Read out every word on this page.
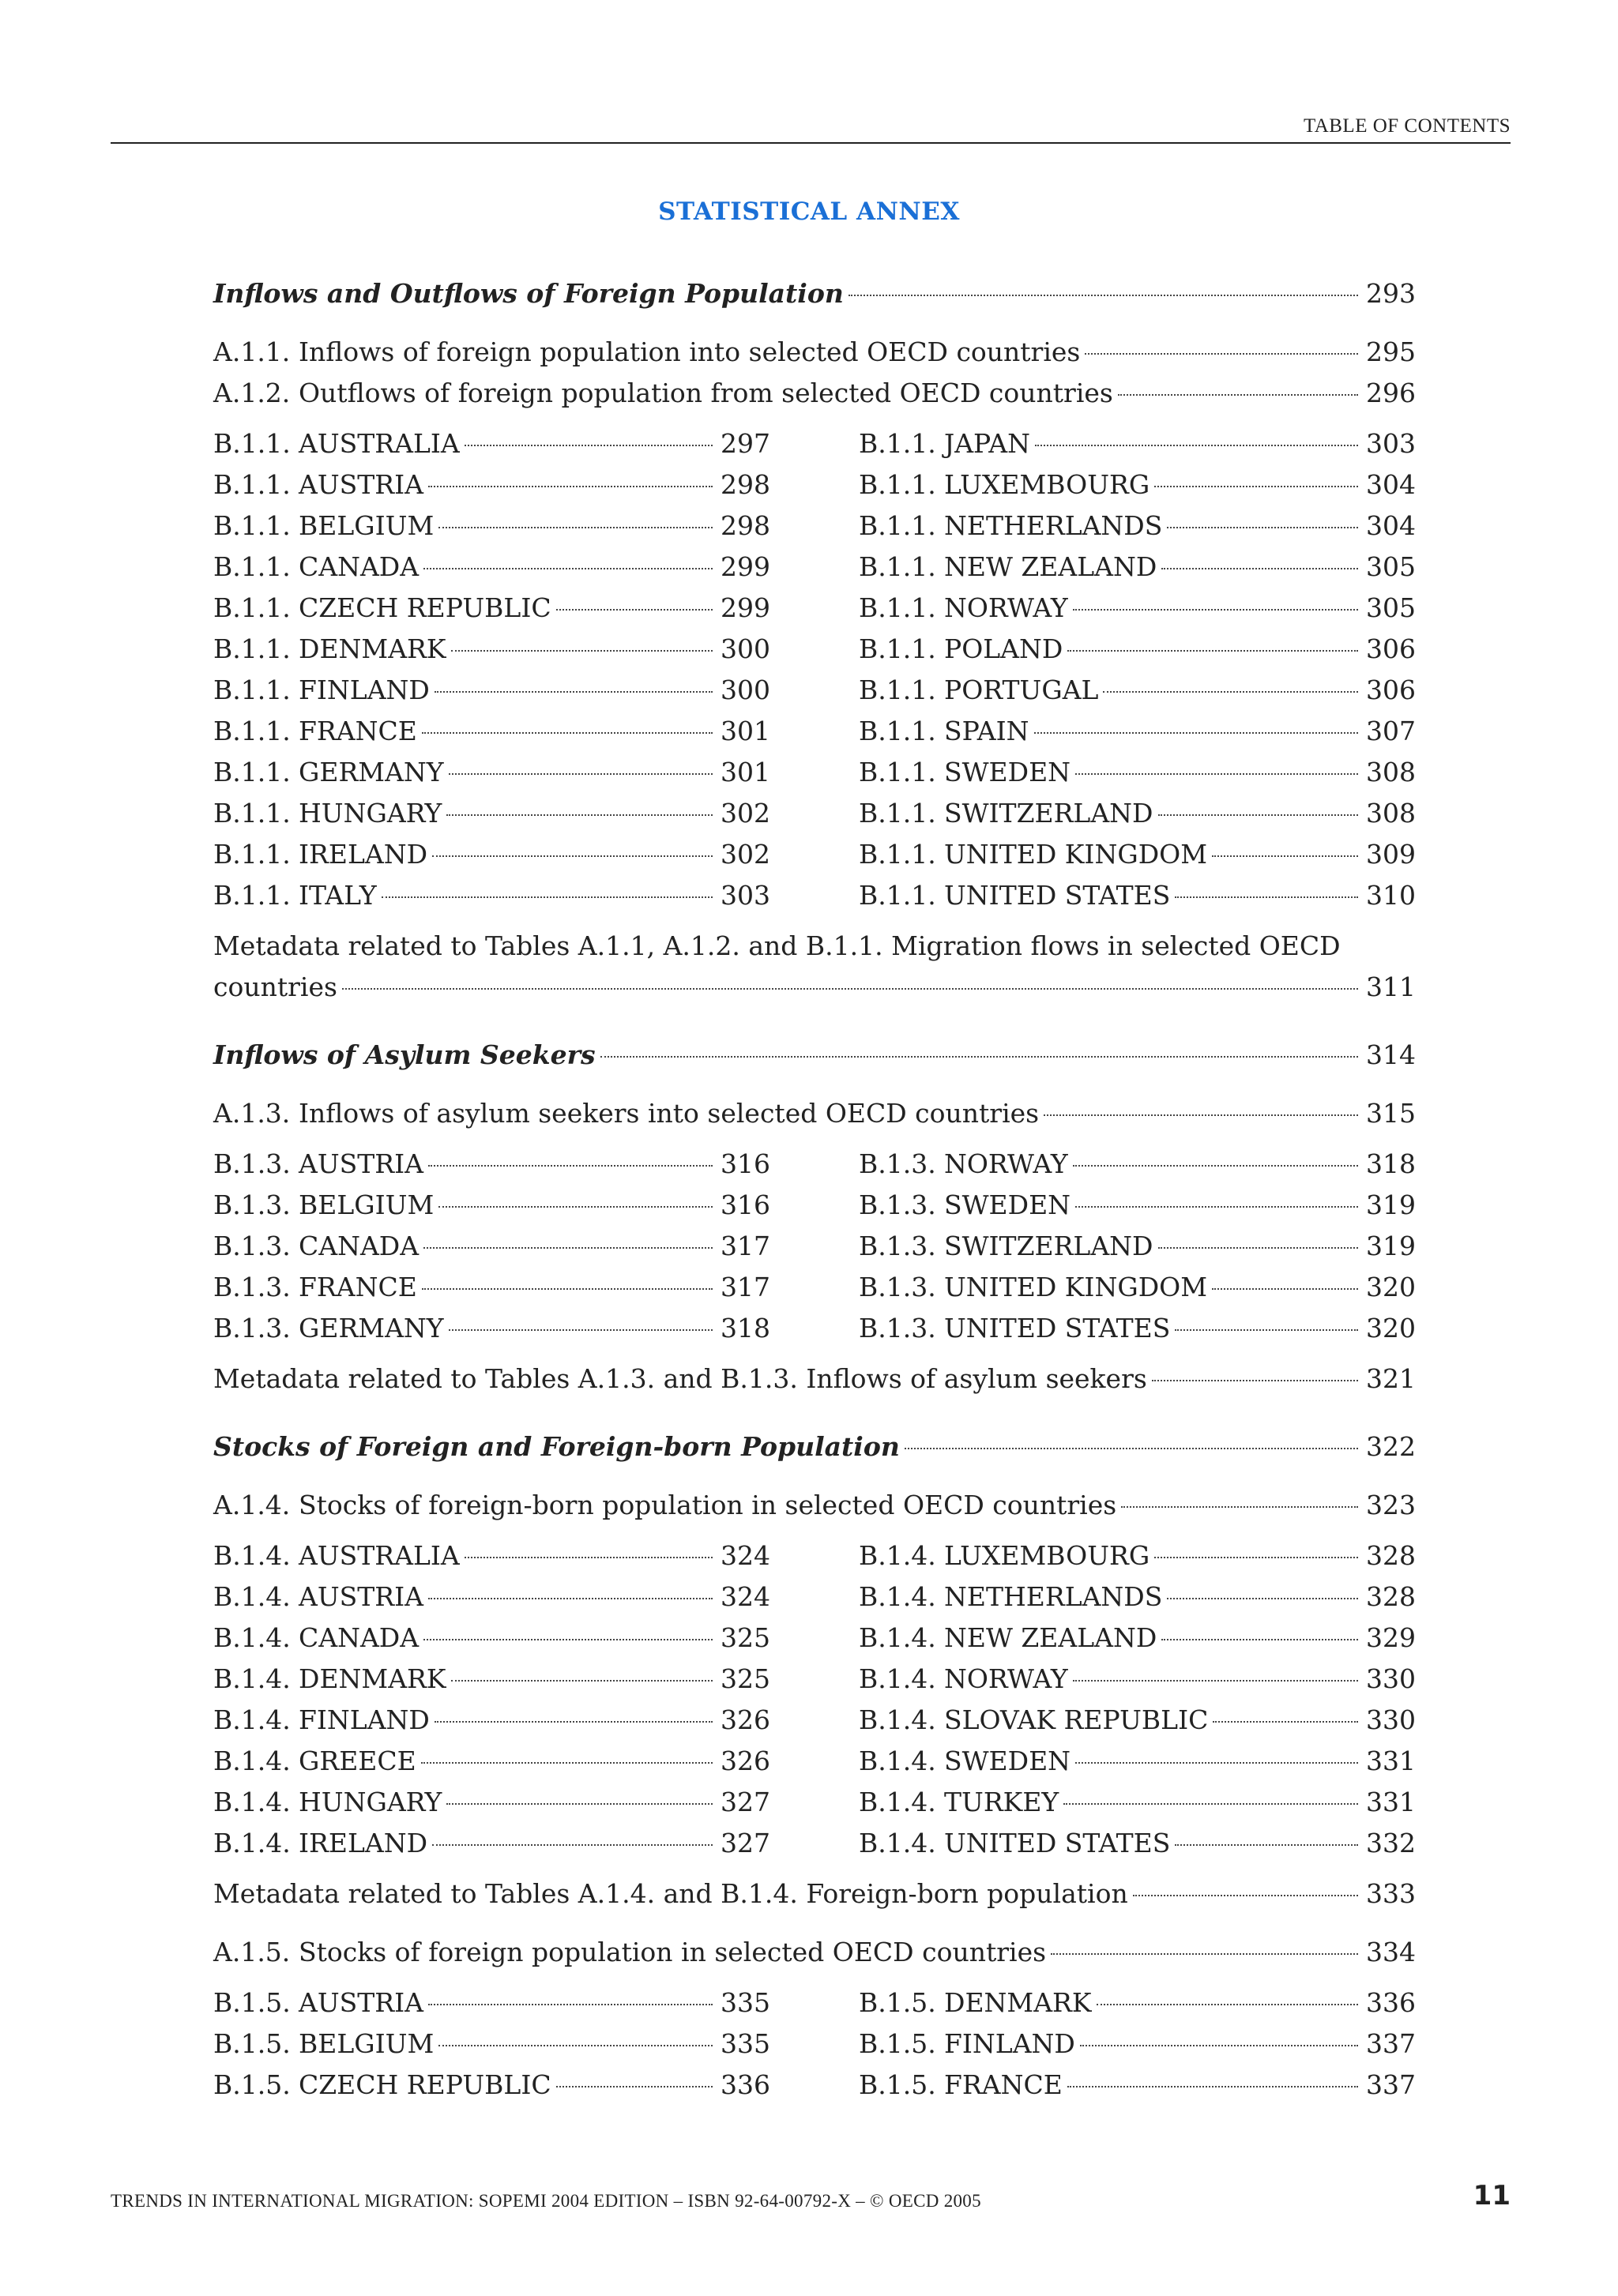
TABLE OF CONTENTS
STATISTICAL ANNEX
Inflows and Outflows of Foreign Population	293
A.1.1. Inflows of foreign population into selected OECD countries	295
A.1.2. Outflows of foreign population from selected OECD countries	296
B.1.1. AUSTRALIA	297
B.1.1. AUSTRIA	298
B.1.1. BELGIUM	298
B.1.1. CANADA	299
B.1.1. CZECH REPUBLIC	299
B.1.1. DENMARK	300
B.1.1. FINLAND	300
B.1.1. FRANCE	301
B.1.1. GERMANY	301
B.1.1. HUNGARY	302
B.1.1. IRELAND	302
B.1.1. ITALY	303
B.1.1. JAPAN	303
B.1.1. LUXEMBOURG	304
B.1.1. NETHERLANDS	304
B.1.1. NEW ZEALAND	305
B.1.1. NORWAY	305
B.1.1. POLAND	306
B.1.1. PORTUGAL	306
B.1.1. SPAIN	307
B.1.1. SWEDEN	308
B.1.1. SWITZERLAND	308
B.1.1. UNITED KINGDOM	309
B.1.1. UNITED STATES	310
Metadata related to Tables A.1.1, A.1.2. and B.1.1. Migration flows in selected OECD
countries	311
Inflows of Asylum Seekers	314
A.1.3. Inflows of asylum seekers into selected OECD countries	315
B.1.3. AUSTRIA	316
B.1.3. BELGIUM	316
B.1.3. CANADA	317
B.1.3. FRANCE	317
B.1.3. GERMANY	318
B.1.3. NORWAY	318
B.1.3. SWEDEN	319
B.1.3. SWITZERLAND	319
B.1.3. UNITED KINGDOM	320
B.1.3. UNITED STATES	320
Metadata related to Tables A.1.3. and B.1.3. Inflows of asylum seekers	321
Stocks of Foreign and Foreign-born Population	322
A.1.4. Stocks of foreign-born population in selected OECD countries	323
B.1.4. AUSTRALIA	324
B.1.4. AUSTRIA	324
B.1.4. CANADA	325
B.1.4. DENMARK	325
B.1.4. FINLAND	326
B.1.4. GREECE	326
B.1.4. HUNGARY	327
B.1.4. IRELAND	327
B.1.4. LUXEMBOURG	328
B.1.4. NETHERLANDS	328
B.1.4. NEW ZEALAND	329
B.1.4. NORWAY	330
B.1.4. SLOVAK REPUBLIC	330
B.1.4. SWEDEN	331
B.1.4. TURKEY	331
B.1.4. UNITED STATES	332
Metadata related to Tables A.1.4. and B.1.4. Foreign-born population	333
A.1.5. Stocks of foreign population in selected OECD countries	334
B.1.5. AUSTRIA	335
B.1.5. BELGIUM	335
B.1.5. CZECH REPUBLIC	336
B.1.5. DENMARK	336
B.1.5. FINLAND	337
B.1.5. FRANCE	337
TRENDS IN INTERNATIONAL MIGRATION: SOPEMI 2004 EDITION – ISBN 92-64-00792-X – © OECD 2005	11
